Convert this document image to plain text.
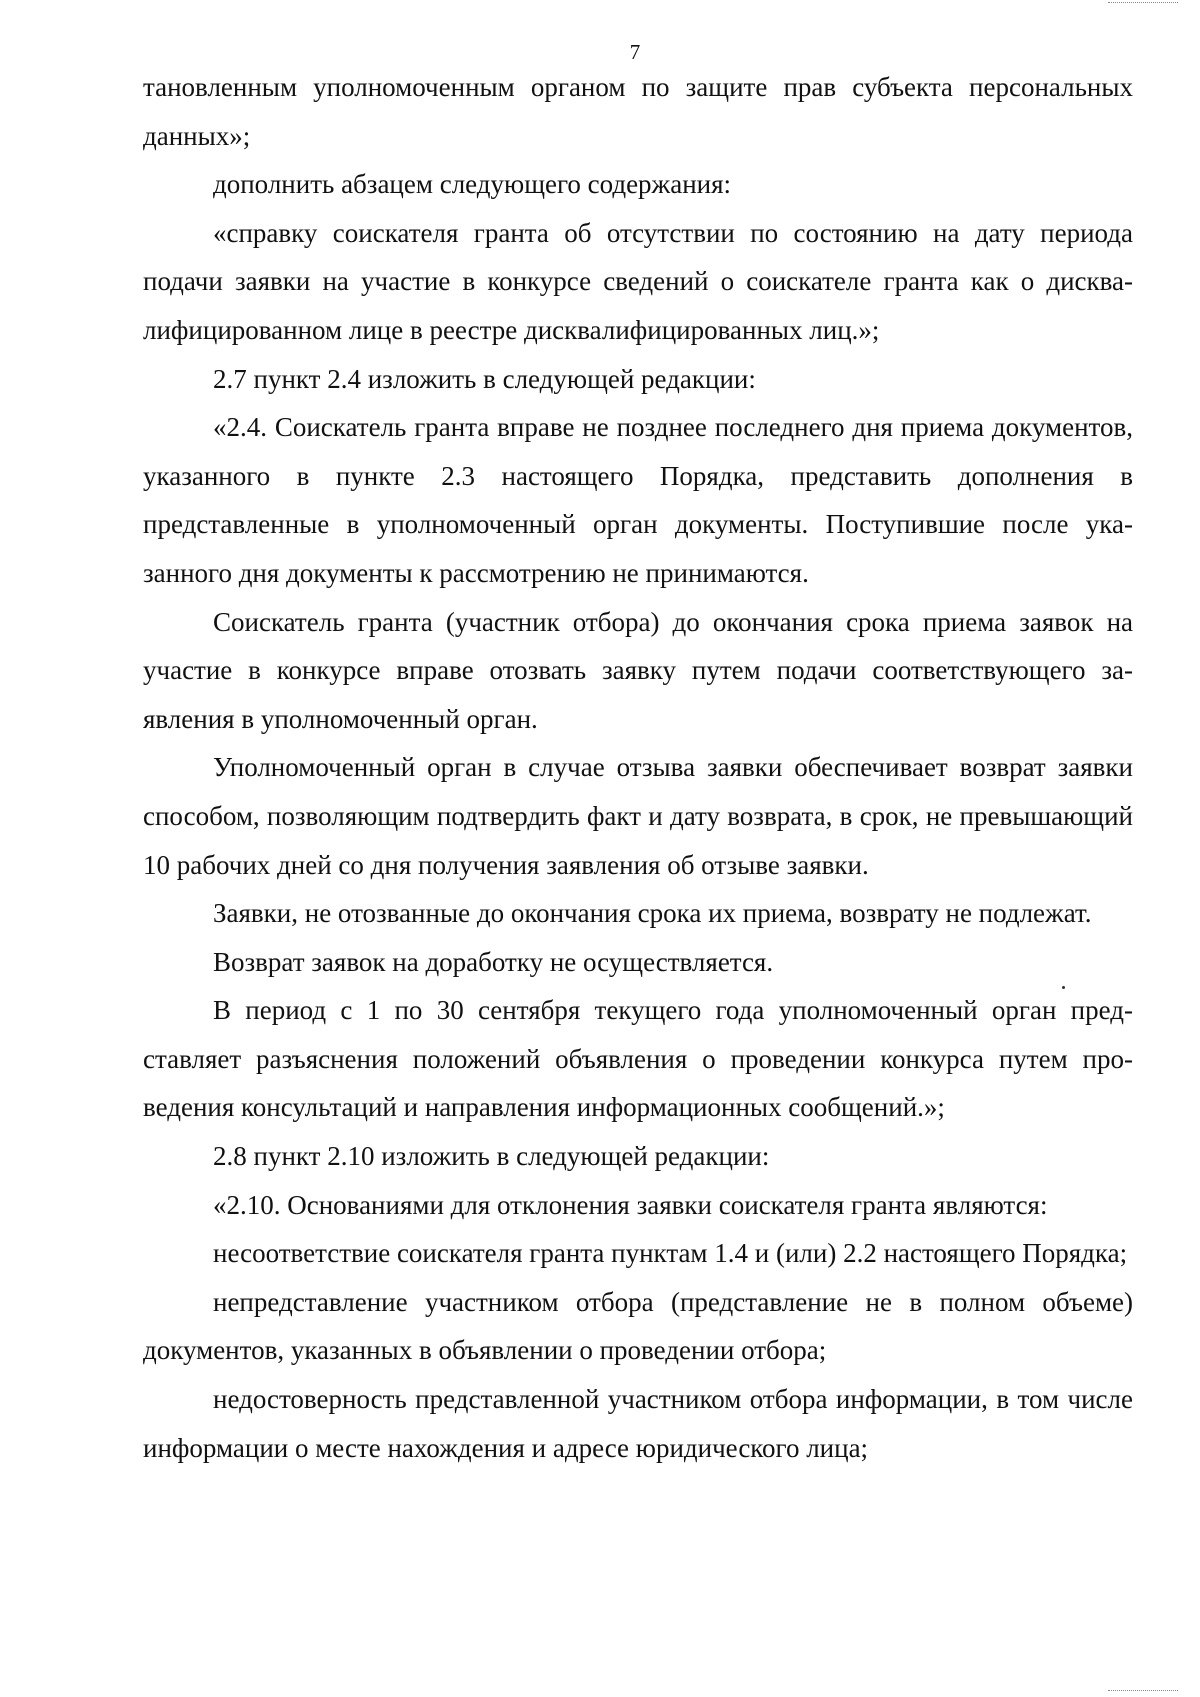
7

тановленным уполномоченным органом по защите прав субъекта персональных данных»;

дополнить абзацем следующего содержания:

«справку соискателя гранта об отсутствии по состоянию на дату периода подачи заявки на участие в конкурсе сведений о соискателе гранта как о дисквалифицированном лице в реестре дисквалифицированных лиц.»;

2.7 пункт 2.4 изложить в следующей редакции:

«2.4. Соискатель гранта вправе не позднее последнего дня приема документов, указанного в пункте 2.3 настоящего Порядка, представить дополнения в представленные в уполномоченный орган документы. Поступившие после указанного дня документы к рассмотрению не принимаются.

Соискатель гранта (участник отбора) до окончания срока приема заявок на участие в конкурсе вправе отозвать заявку путем подачи соответствующего заявления в уполномоченный орган.

Уполномоченный орган в случае отзыва заявки обеспечивает возврат заявки способом, позволяющим подтвердить факт и дату возврата, в срок, не превышающий 10 рабочих дней со дня получения заявления об отзыве заявки.

Заявки, не отозванные до окончания срока их приема, возврату не подлежат.

Возврат заявок на доработку не осуществляется.

В период с 1 по 30 сентября текущего года уполномоченный орган представляет разъяснения положений объявления о проведении конкурса путем проведения консультаций и направления информационных сообщений.»;

2.8 пункт 2.10 изложить в следующей редакции:

«2.10. Основаниями для отклонения заявки соискателя гранта являются:

несоответствие соискателя гранта пунктам 1.4 и (или) 2.2 настоящего Порядка;

непредставление участником отбора (представление не в полном объеме) документов, указанных в объявлении о проведении отбора;

недостоверность представленной участником отбора информации, в том числе информации о месте нахождения и адресе юридического лица;
